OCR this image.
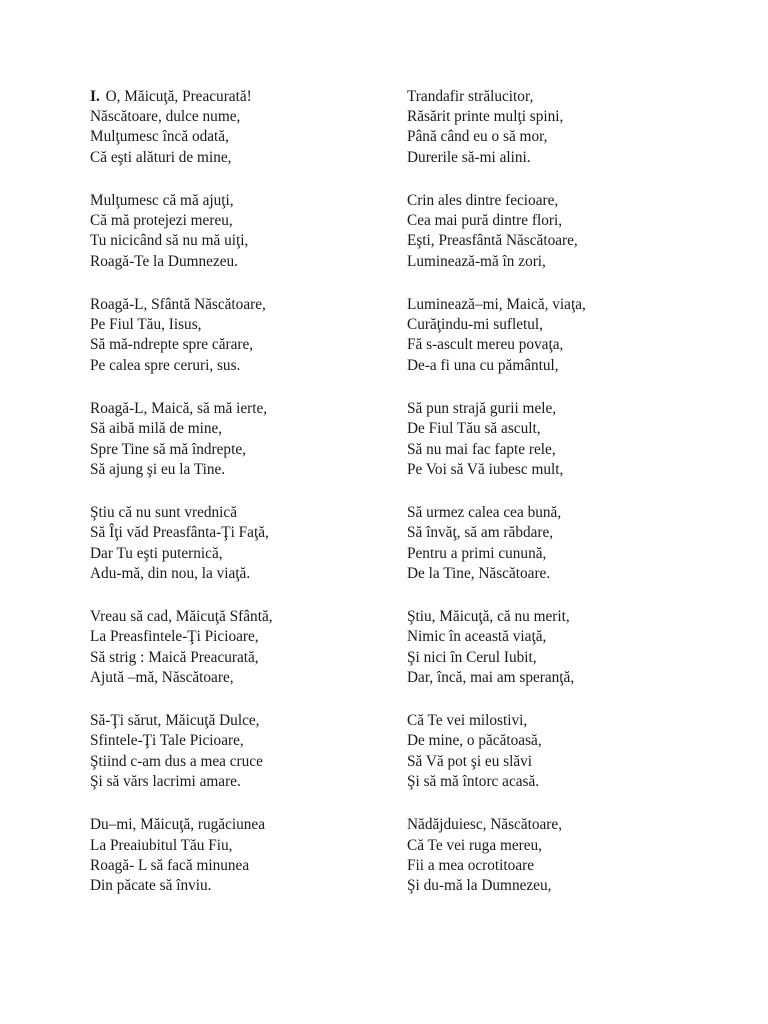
I. O, Măicuţă, Preacurată!
Născătoare, dulce nume,
Mulţumesc încă odată,
Că eşti alături de mine,
Mulţumesc că mă ajuţi,
Că mă protejezi mereu,
Tu nicicând să nu mă uiţi,
Roagă-Te la Dumnezeu.
Roagă-L, Sfântă Născătoare,
Pe Fiul Tău, Iisus,
Să mă-ndrepte spre cărare,
Pe calea spre ceruri, sus.
Roagă-L, Maică, să mă ierte,
Să aibă milă de mine,
Spre Tine să mă îndrepte,
Să ajung şi eu la Tine.
Ştiu că nu sunt vrednică
Să Îţi văd Preasfânta-Ţi Faţă,
Dar Tu eşti puternică,
Adu-mă, din nou, la viaţă.
Vreau să cad, Măicuţă Sfântă,
La Preasfintele-Ţi Picioare,
Să strig : Maică Preacurată,
Ajută –mă, Născătoare,
Să-Ţi sărut, Măicuţă Dulce,
Sfintele-Ţi Tale Picioare,
Ştiind c-am dus a mea cruce
Şi să vărs lacrimi amare.
Du–mi, Măicuţă, rugăciunea
La Preaiubitul Tău Fiu,
Roagă- L să facă minunea
Din păcate să înviu.
Trandafir strălucitor,
Răsărit printe mulţi spini,
Până când eu o să mor,
Durerile să-mi alini.
Crin ales dintre fecioare,
Cea mai pură dintre flori,
Eşti, Preasfântă Născătoare,
Luminează-mă în zori,
Luminează–mi, Maică, viaţa,
Curăţindu-mi sufletul,
Fă s-ascult mereu povaţa,
De-a fi una cu pământul,
Să pun strajă gurii mele,
De Fiul Tău să ascult,
Să nu mai fac fapte rele,
Pe Voi să Vă iubesc mult,
Să urmez calea cea bună,
Să învăţ, să am răbdare,
Pentru a primi cunună,
De la Tine, Născătoare.
Ştiu, Măicuţă, că nu merit,
Nimic în această viaţă,
Şi nici în Cerul Iubit,
Dar, încă, mai am speranţă,
Că Te vei milostivi,
De mine, o păcătoasă,
Să Vă pot şi eu slăvi
Şi să mă întorc acasă.
Nădăjduiesc, Născătoare,
Că Te vei ruga mereu,
Fii a mea ocrotitoare
Şi du-mă la Dumnezeu,
